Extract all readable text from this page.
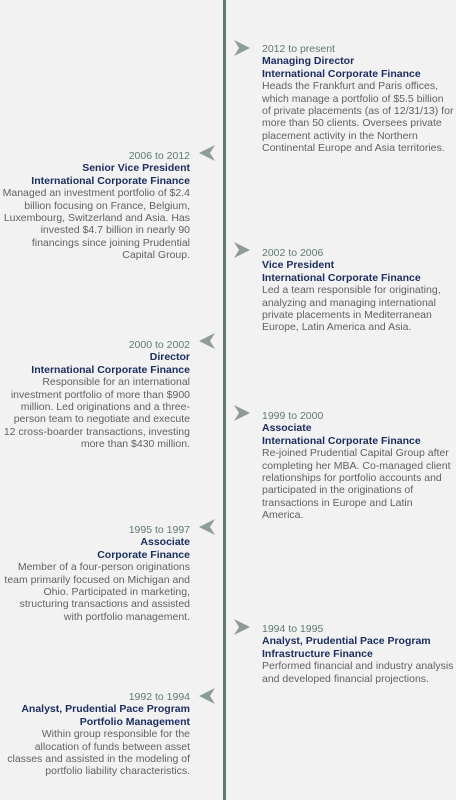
2012 to present
Managing Director
International Corporate Finance
Heads the Frankfurt and Paris offices, which manage a portfolio of $5.5 billion of private placements (as of 12/31/13) for more than 50 clients. Oversees private placement activity in the Northern Continental Europe and Asia territories.
2006 to 2012
Senior Vice President
International Corporate Finance
Managed an investment portfolio of $2.4 billion focusing on France, Belgium, Luxembourg, Switzerland and Asia. Has invested $4.7 billion in nearly 90 financings since joining Prudential Capital Group.	2002 to 2006
Vice President
International Corporate Finance
Led a team responsible for originating, analyzing and managing international private placements in Mediterranean Europe, Latin America and Asia.
2000 to 2002
Director
International Corporate Finance
Responsible for an international investment portfolio of more than $900 million. Led originations and a three-person team to negotiate and execute 12 cross-boarder transactions, investing more than $430 million.
1999 to 2000
Associate
International Corporate Finance
Re-joined Prudential Capital Group after completing her MBA. Co-managed client relationships for portfolio accounts and participated in the originations of transactions in Europe and Latin America.
1995 to 1997
Associate
Corporate Finance
Member of a four-person originations team primarily focused on Michigan and Ohio. Participated in marketing, structuring transactions and assisted with portfolio management.
1994 to 1995
Analyst, Prudential Pace Program
Infrastructure Finance
Performed financial and industry analysis and developed financial projections.
1992 to 1994
Analyst, Prudential Pace Program
Portfolio Management
Within group responsible for the allocation of funds between asset classes and assisted in the modeling of portfolio liability characteristics.
